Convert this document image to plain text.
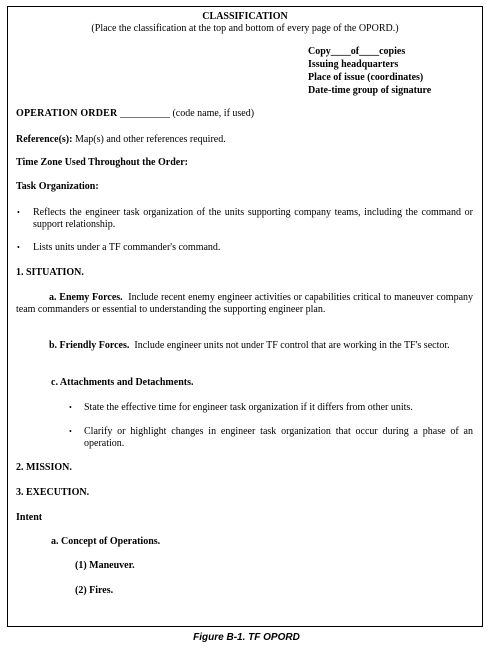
CLASSIFICATION
(Place the classification at the top and bottom of every page of the OPORD.)
Copy____of____copies
Issuing headquarters
Place of issue (coordinates)
Date-time group of signature
OPERATION ORDER __________ (code name, if used)
Reference(s): Map(s) and other references required.
Time Zone Used Throughout the Order:
Task Organization:
• Reflects the engineer task organization of the units supporting company teams, including the command or support relationship.
• Lists units under a TF commander's command.
1. SITUATION.
a. Enemy Forces. Include recent enemy engineer activities or capabilities critical to maneuver company team commanders or essential to understanding the supporting engineer plan.
b. Friendly Forces. Include engineer units not under TF control that are working in the TF's sector.
c. Attachments and Detachments.
• State the effective time for engineer task organization if it differs from other units.
• Clarify or highlight changes in engineer task organization that occur during a phase of an operation.
2. MISSION.
3. EXECUTION.
Intent
a. Concept of Operations.
(1) Maneuver.
(2) Fires.
Figure B-1. TF OPORD
